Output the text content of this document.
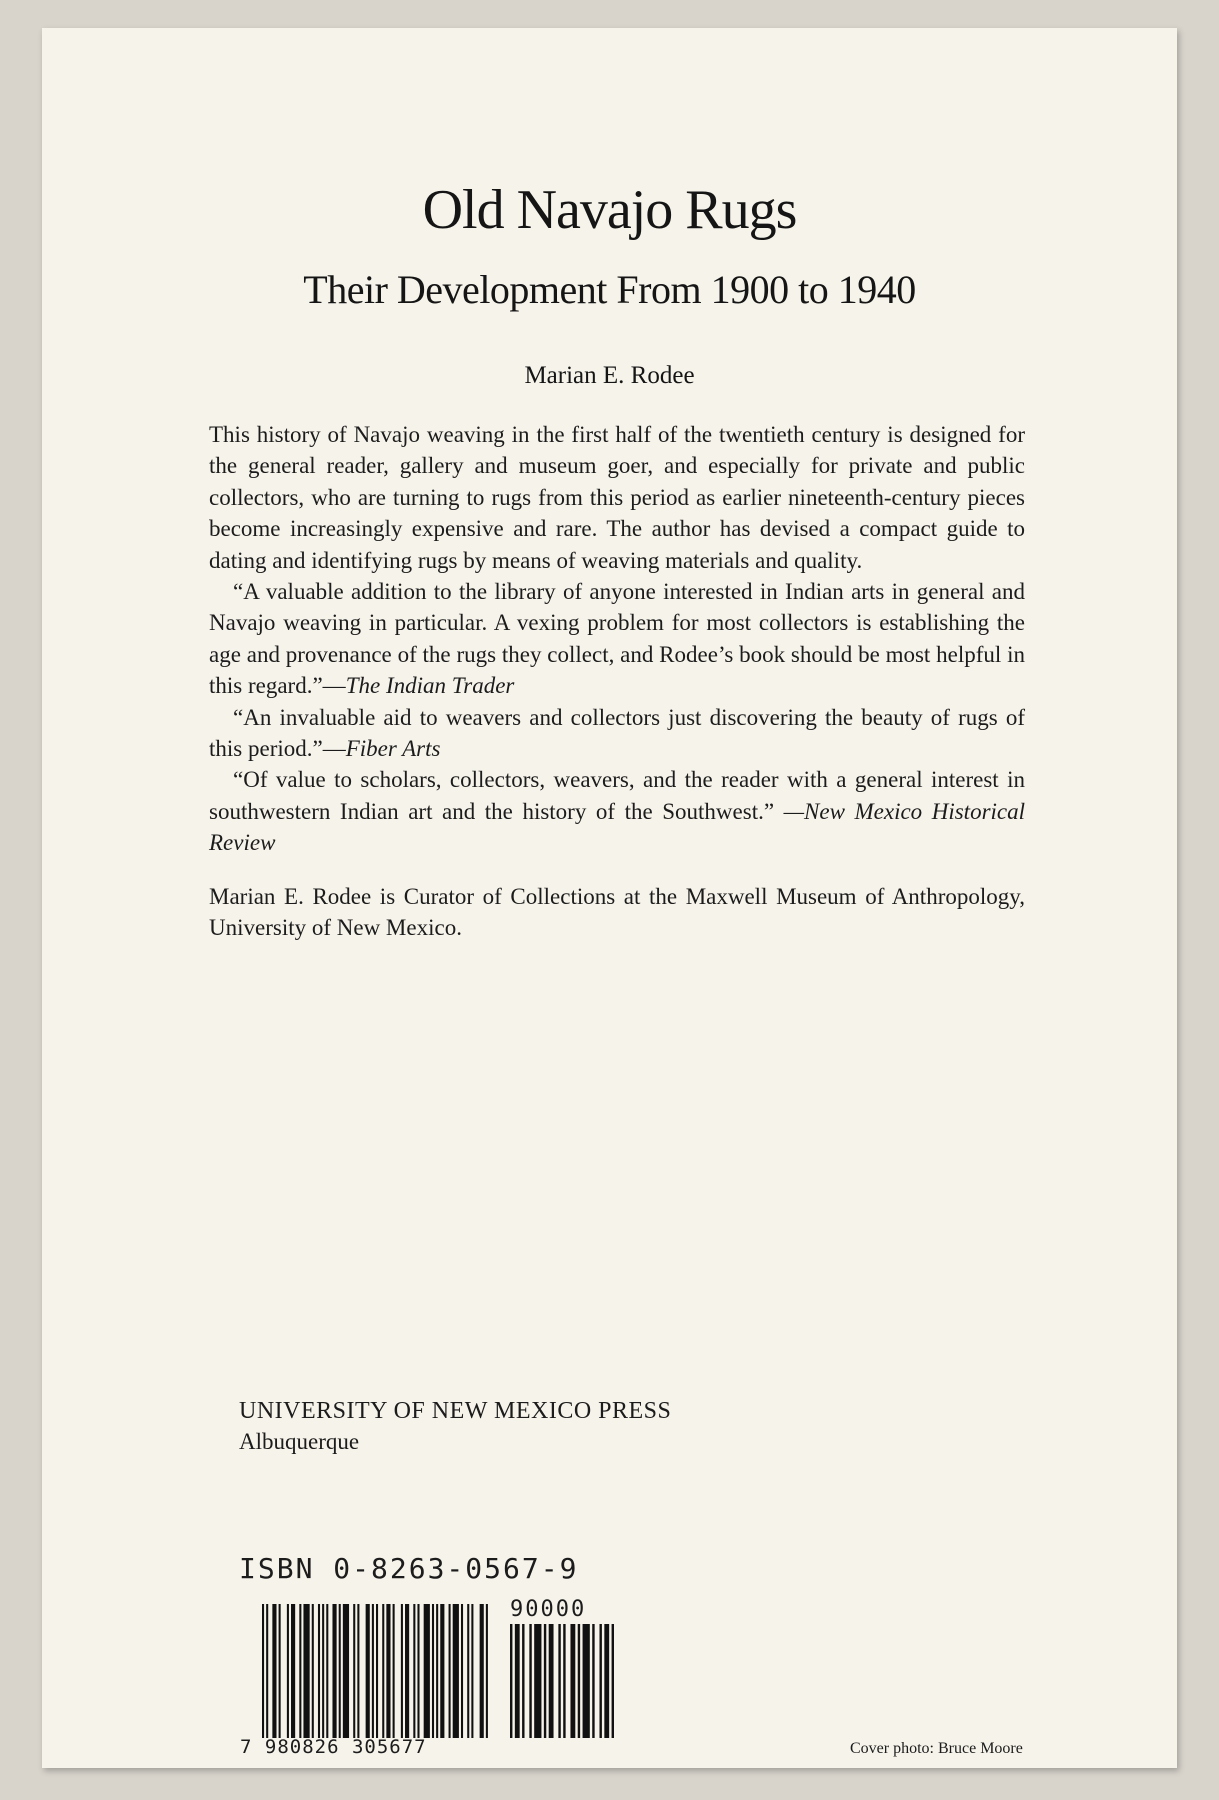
Old Navajo Rugs
Their Development From 1900 to 1940
Marian E. Rodee

This history of Navajo weaving in the first half of the twentieth century is designed for the general reader, gallery and museum goer, and especially for private and public collectors, who are turning to rugs from this period as earlier nineteenth-century pieces become increasingly expensive and rare. The author has devised a compact guide to dating and identifying rugs by means of weaving materials and quality.

“A valuable addition to the library of anyone interested in Indian arts in general and Navajo weaving in particular. A vexing problem for most collectors is establishing the age and provenance of the rugs they collect, and Rodee’s book should be most helpful in this regard.”—The Indian Trader

“An invaluable aid to weavers and collectors just discovering the beauty of rugs of this period.”—Fiber Arts

“Of value to scholars, collectors, weavers, and the reader with a general interest in southwestern Indian art and the history of the Southwest.” —New Mexico Historical Review

Marian E. Rodee is Curator of Collections at the Maxwell Museum of Anthropology, University of New Mexico.

UNIVERSITY OF NEW MEXICO PRESS
Albuquerque
ISBN 0-8263-0567-9
90000
7 980826 305677	Cover photo: Bruce Moore
